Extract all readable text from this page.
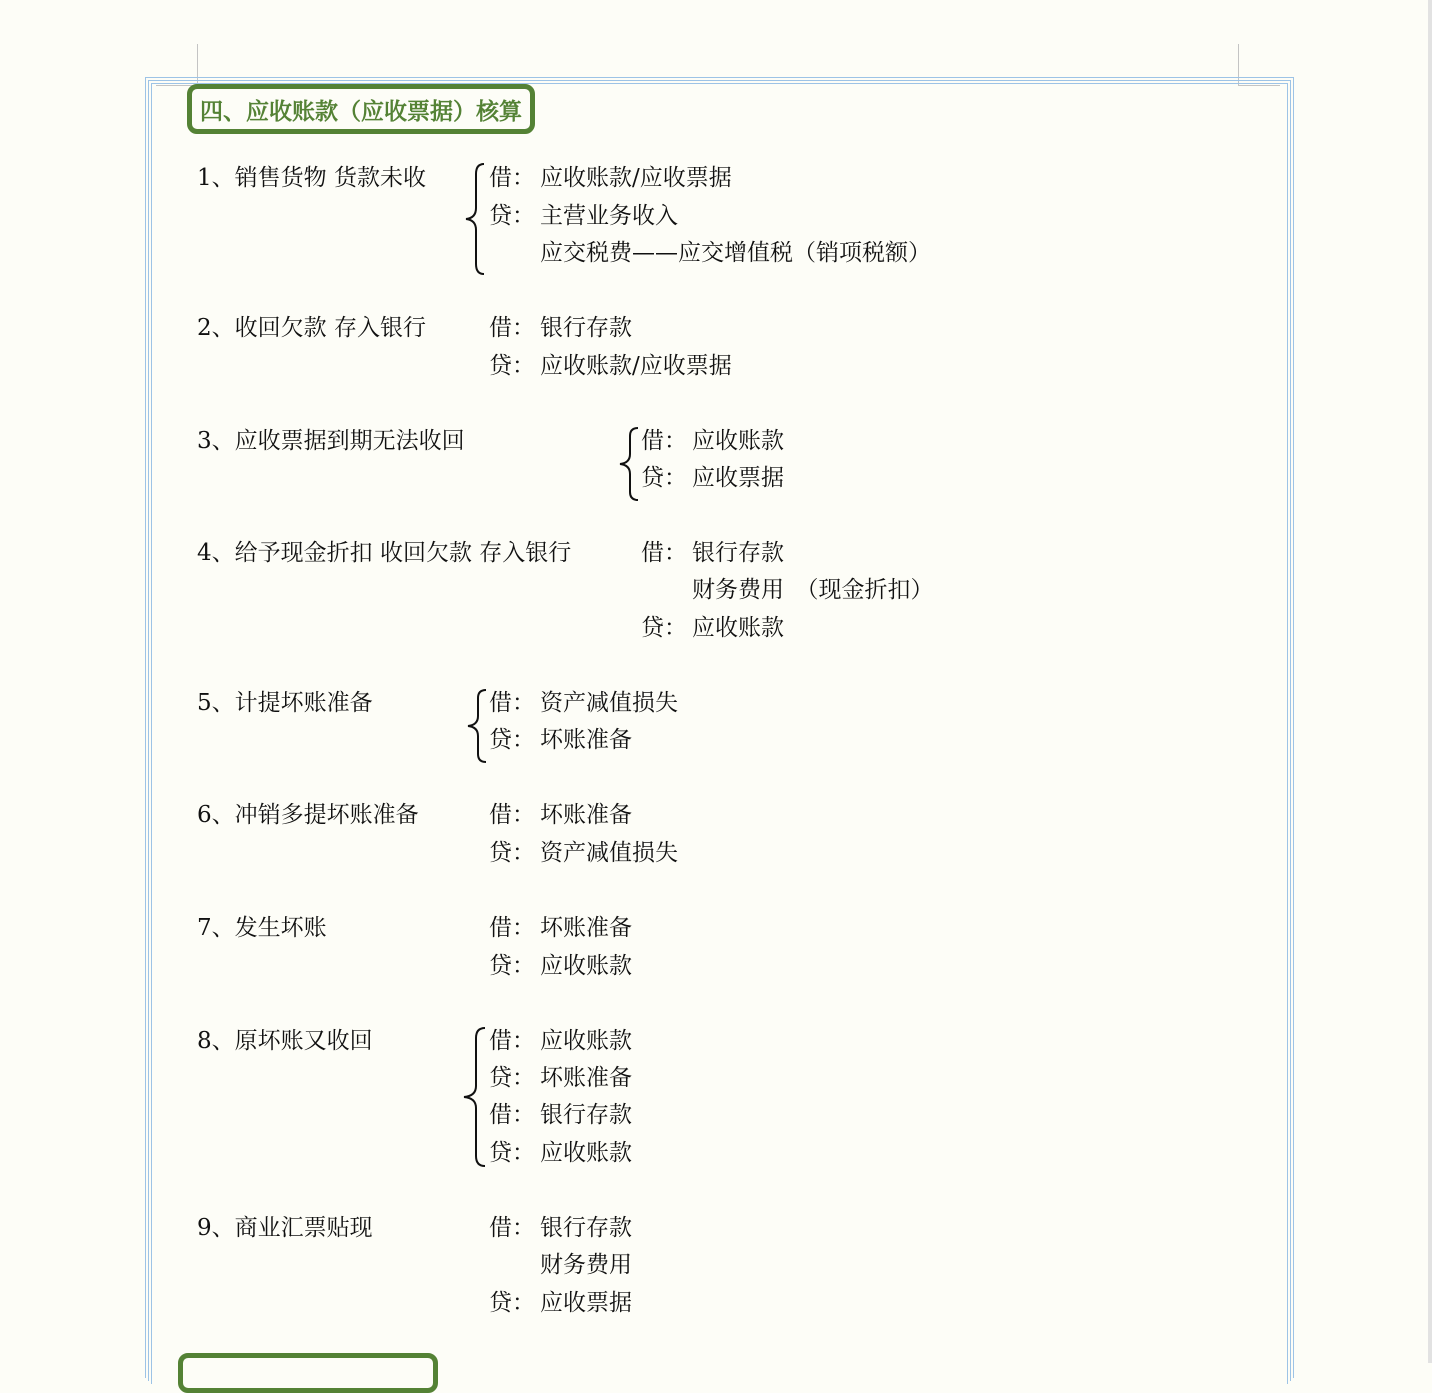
四、应收账款（应收票据）核算
1、销售货物 货款未收	借： 应收账款/应收票据
贷： 主营业务收入
应交税费——应交增值税（销项税额）
2、收回欠款 存入银行	借： 银行存款
贷： 应收账款/应收票据
3、应收票据到期无法收回	借： 应收账款
贷： 应收票据
4、给予现金折扣 收回欠款 存入银行	借： 银行存款
财务费用　（现金折扣）
贷： 应收账款
5、计提坏账准备	借： 资产减值损失
贷： 坏账准备
6、冲销多提坏账准备	借： 坏账准备
贷： 资产减值损失
7、发生坏账	借： 坏账准备
贷： 应收账款
8、原坏账又收回	借： 应收账款
贷： 坏账准备
借： 银行存款
贷： 应收账款
9、商业汇票贴现	借： 银行存款
财务费用
贷： 应收票据
